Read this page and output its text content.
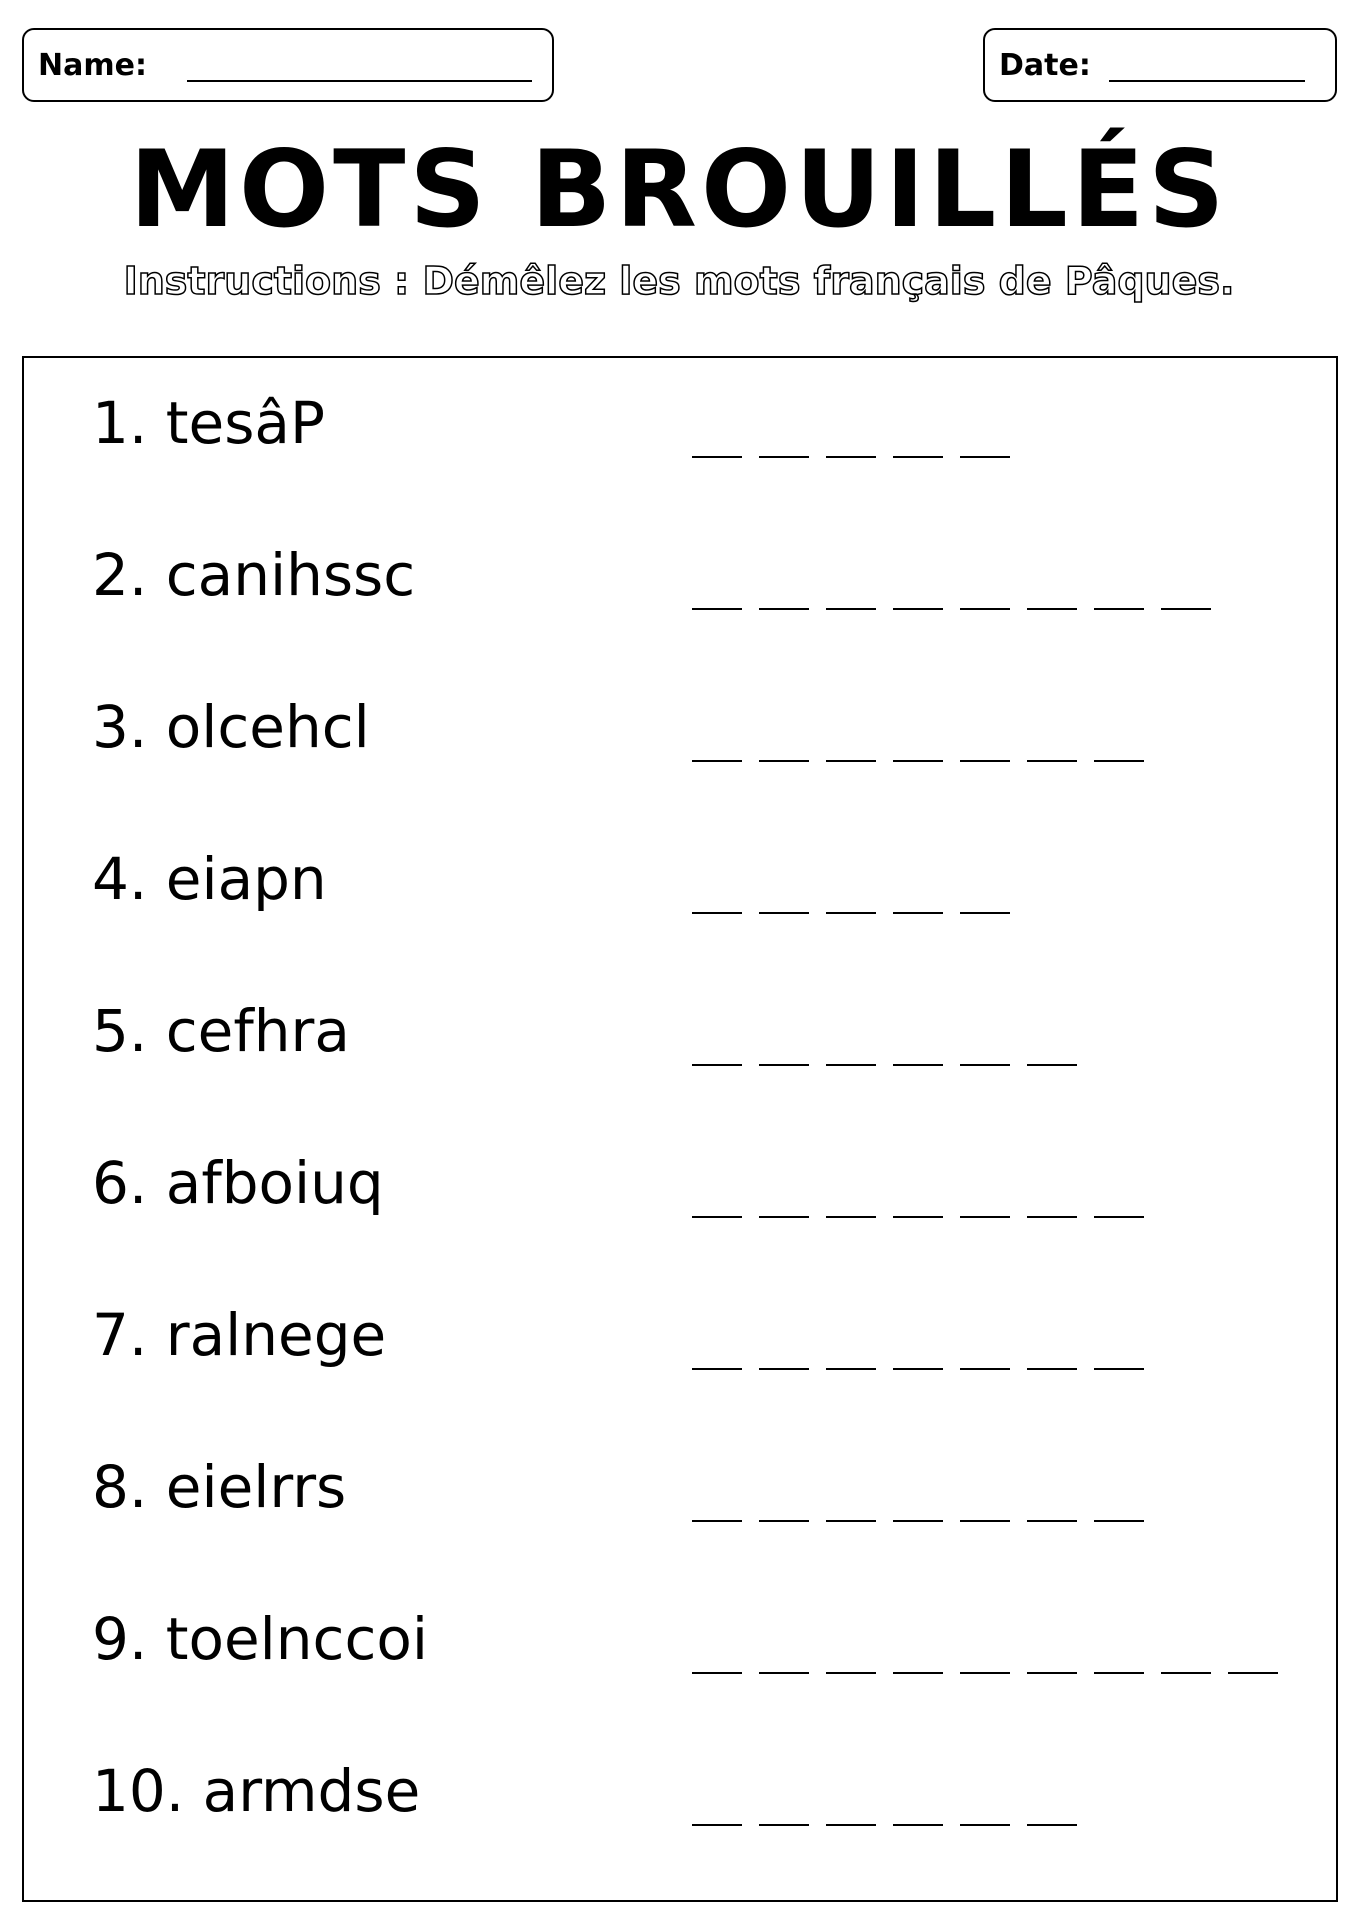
Name:	Date:
MOTS BROUILLÉS
Instructions : Démêlez les mots français de Pâques.
1. tesâP
2. canihssc
3. olcehcl
4. eiapn
5. cefhra
6. afboiuq
7. ralnege
8. eielrrs
9. toelnccoi
10. armdse
